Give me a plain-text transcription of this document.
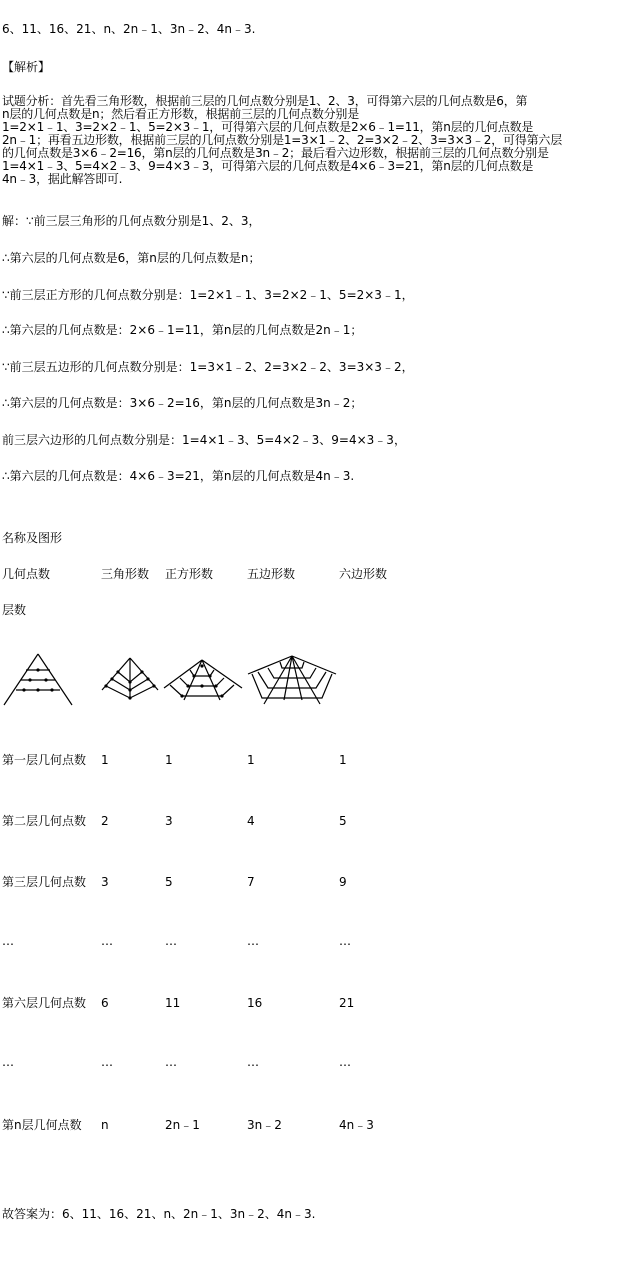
6、11、16、21、n、2n﹣1、3n﹣2、4n﹣3.
【解析】
试题分析：首先看三角形数，根据前三层的几何点数分别是1、2、3，可得第六层的几何点数是6，第
n层的几何点数是n；然后看正方形数，根据前三层的几何点数分别是
1=2×1﹣1、3=2×2﹣1、5=2×3﹣1，可得第六层的几何点数是2×6﹣1=11，第n层的几何点数是
2n﹣1；再看五边形数，根据前三层的几何点数分别是1=3×1﹣2、2=3×2﹣2、3=3×3﹣2，可得第六层
的几何点数是3×6﹣2=16，第n层的几何点数是3n﹣2；最后看六边形数，根据前三层的几何点数分别是
1=4×1﹣3、5=4×2﹣3、9=4×3﹣3，可得第六层的几何点数是4×6﹣3=21，第n层的几何点数是
4n﹣3，据此解答即可.
解：∵前三层三角形的几何点数分别是1、2、3，
∴第六层的几何点数是6，第n层的几何点数是n；
∵前三层正方形的几何点数分别是：1=2×1﹣1、3=2×2﹣1、5=2×3﹣1，
∴第六层的几何点数是：2×6﹣1=11，第n层的几何点数是2n﹣1；
∵前三层五边形的几何点数分别是：1=3×1﹣2、2=3×2﹣2、3=3×3﹣2，
∴第六层的几何点数是：3×6﹣2=16，第n层的几何点数是3n﹣2；
前三层六边形的几何点数分别是：1=4×1﹣3、5=4×2﹣3、9=4×3﹣3，
∴第六层的几何点数是：4×6﹣3=21，第n层的几何点数是4n﹣3.
名称及图形
几何点数	三角形数 正方形数	五边形数	六边形数
层数
第一层几何点数 1	1	1	1
第二层几何点数 2	3	4	5
第三层几何点数 3	5	7	9
…	…	…	…	…
第六层几何点数 6	11	16	21
…	…	…	…	…
第n层几何点数 n	2n﹣1	3n﹣2	4n﹣3
故答案为：6、11、16、21、n、2n﹣1、3n﹣2、4n﹣3.
